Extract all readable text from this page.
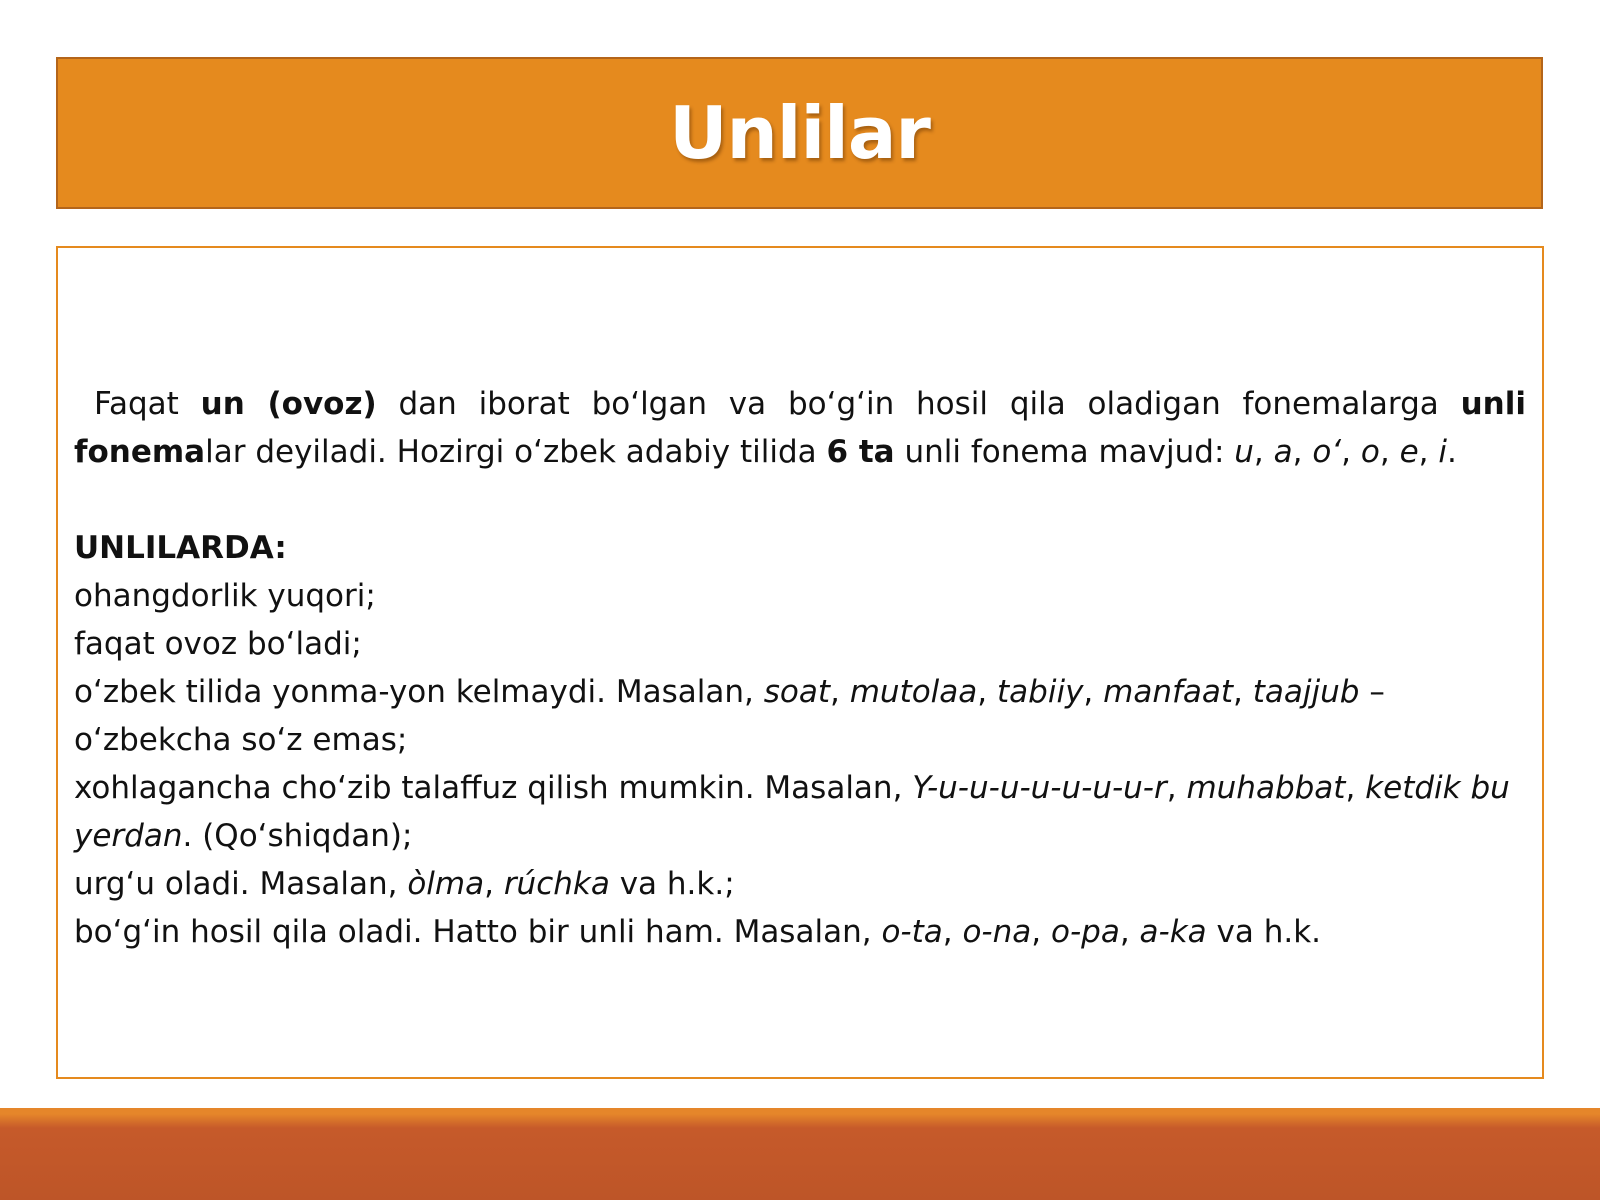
Unlilar

Faqat un (ovoz) dan iborat bo‘lgan va bo‘g‘in hosil qila oladigan fonemalarga unli fonemalar deyiladi. Hozirgi o‘zbek adabiy tilida 6 ta unli fonema mavjud: u, a, o‘, o, e, i.

UNLILARDA:

ohangdorlik yuqori;

faqat ovoz bo‘ladi;

o‘zbek tilida yonma-yon kelmaydi. Masalan, soat, mutolaa, tabiiy, manfaat, taajjub – o‘zbekcha so‘z emas;

xohlagancha cho‘zib talaffuz qilish mumkin. Masalan, Y-u-u-u-u-u-u-u-r, muhabbat, ketdik bu yerdan. (Qo‘shiqdan);

urg‘u oladi. Masalan, òlma, rúchka va h.k.;

bo‘g‘in hosil qila oladi. Hatto bir unli ham. Masalan, o-ta, o-na, o-pa, a-ka va h.k.
